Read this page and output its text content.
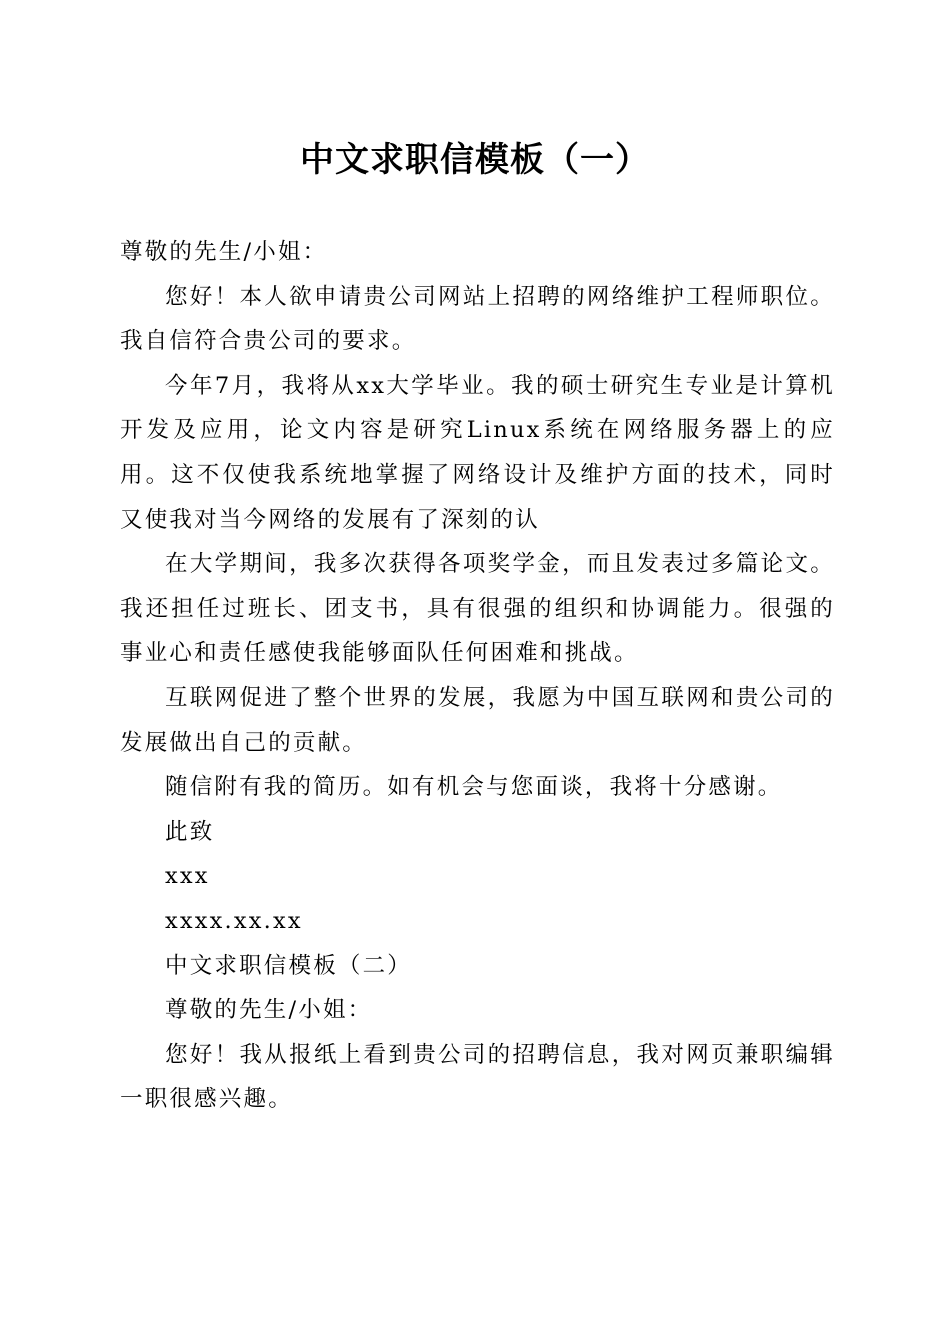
中文求职信模板（一）

尊敬的先生/小姐：

您好！本人欲申请贵公司网站上招聘的网络维护工程师职位。我自信符合贵公司的要求。

今年7月，我将从xx大学毕业。我的硕士研究生专业是计算机开发及应用，论文内容是研究Linux系统在网络服务器上的应用。这不仅使我系统地掌握了网络设计及维护方面的技术，同时又使我对当今网络的发展有了深刻的认

在大学期间，我多次获得各项奖学金，而且发表过多篇论文。我还担任过班长、团支书，具有很强的组织和协调能力。很强的事业心和责任感使我能够面队任何困难和挑战。

互联网促进了整个世界的发展，我愿为中国互联网和贵公司的发展做出自己的贡献。

随信附有我的简历。如有机会与您面谈，我将十分感谢。

此致

xxx

xxxx.xx.xx

中文求职信模板（二）

尊敬的先生/小姐：

您好！我从报纸上看到贵公司的招聘信息，我对网页兼职编辑一职很感兴趣。
